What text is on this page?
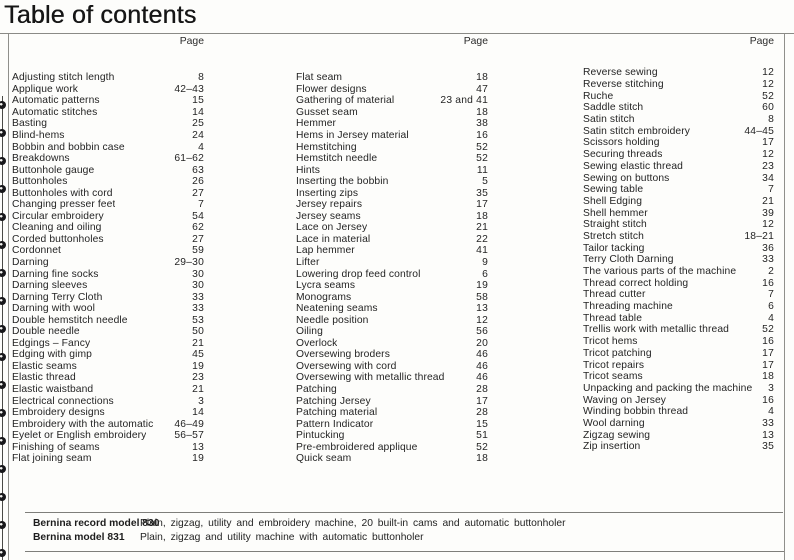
Table of contents
Page	Page	Page
Adjusting stitch length	8
Applique work	42–43
Automatic patterns	15
Automatic stitches	14
Basting	25
Blind-hems	24
Bobbin and bobbin case	4
Breakdowns	61–62
Buttonhole gauge	63
Buttonholes	26
Buttonholes with cord	27
Changing presser feet	7
Circular embroidery	54
Cleaning and oiling	62
Corded buttonholes	27
Cordonnet	59
Darning	29–30
Darning fine socks	30
Darning sleeves	30
Darning Terry Cloth	33
Darning with wool	33
Double hemstitch needle	53
Double needle	50
Edgings – Fancy	21
Edging with gimp	45
Elastic seams	19
Elastic thread	23
Elastic waistband	21
Electrical connections	3
Embroidery designs	14
Embroidery with the automatic	46–49
Eyelet or English embroidery	56–57
Finishing of seams	13
Flat joining seam	19
Flat seam	18
Flower designs	47
Gathering of material	23 and 41
Gusset seam	18
Hemmer	38
Hems in Jersey material	16
Hemstitching	52
Hemstitch needle	52
Hints	11
Inserting the bobbin	5
Inserting zips	35
Jersey repairs	17
Jersey seams	18
Lace on Jersey	21
Lace in material	22
Lap hemmer	41
Lifter	9
Lowering drop feed control	6
Lycra seams	19
Monograms	58
Neatening seams	13
Needle position	12
Oiling	56
Overlock	20
Oversewing broders	46
Oversewing with cord	46
Oversewing with metallic thread	46
Patching	28
Patching Jersey	17
Patching material	28
Pattern Indicator	15
Pintucking	51
Pre-embroidered applique	52
Quick seam	18
Reverse sewing	12
Reverse stitching	12
Ruche	52
Saddle stitch	60
Satin stitch	8
Satin stitch embroidery	44–45
Scissors holding	17
Securing threads	12
Sewing elastic thread	23
Sewing on buttons	34
Sewing table	7
Shell Edging	21
Shell hemmer	39
Straight stitch	12
Stretch stitch	18–21
Tailor tacking	36
Terry Cloth Darning	33
The various parts of the machine	2
Thread correct holding	16
Thread cutter	7
Threading machine	6
Thread table	4
Trellis work with metallic thread	52
Tricot hems	16
Tricot patching	17
Tricot repairs	17
Tricot seams	18
Unpacking and packing the machine	3
Waving on Jersey	16
Winding bobbin thread	4
Wool darning	33
Zigzag sewing	13
Zip insertion	35
Bernina record model 830
Plain, zigzag, utility and embroidery machine, 20 built-in cams and automatic buttonholer
Bernina model 831	Plain, zigzag and utility machine with automatic buttonholer
